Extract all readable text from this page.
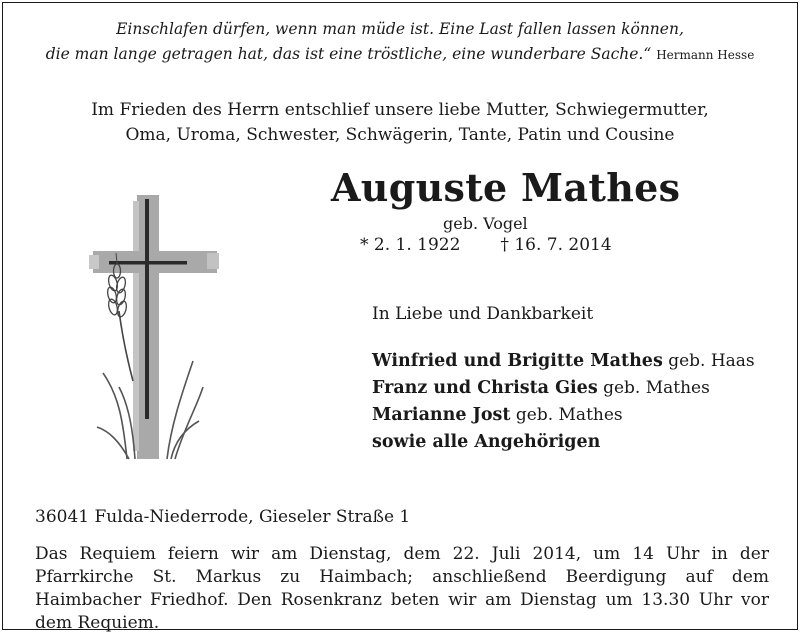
Einschlafen dürfen, wenn man müde ist. Eine Last fallen lassen können,
die man lange getragen hat, das ist eine tröstliche, eine wunderbare Sache.“ Hermann Hesse
Im Frieden des Herrn entschlief unsere liebe Mutter, Schwiegermutter,
Oma, Uroma, Schwester, Schwägerin, Tante, Patin und Cousine
Auguste Mathes
geb. Vogel
* 2. 1. 1922 † 16. 7. 2014
In Liebe und Dankbarkeit
Winfried und Brigitte Mathes geb. Haas
Franz und Christa Gies geb. Mathes
Marianne Jost geb. Mathes
sowie alle Angehörigen
36041 Fulda-Niederrode, Gieseler Straße 1
Das Requiem feiern wir am Dienstag, dem 22. Juli 2014, um 14 Uhr in der Pfarrkirche St. Markus zu Haimbach; anschließend Beerdigung auf dem Haimbacher Friedhof. Den Rosenkranz beten wir am Dienstag um 13.30 Uhr vor dem Requiem.
